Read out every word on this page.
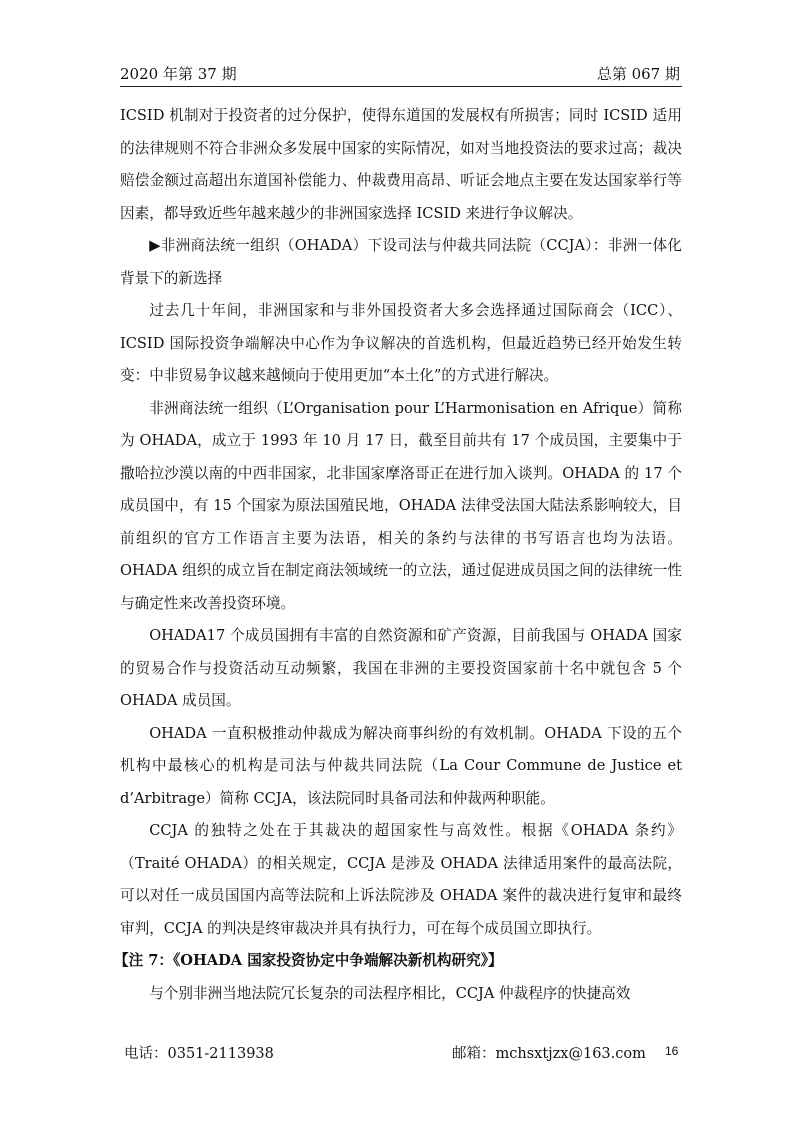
2020 年第 37 期	总第 067 期

ICSID 机制对于投资者的过分保护，使得东道国的发展权有所损害；同时 ICSID 适用的法律规则不符合非洲众多发展中国家的实际情况，如对当地投资法的要求过高；裁决赔偿金额过高超出东道国补偿能力、仲裁费用高昂、听证会地点主要在发达国家举行等因素，都导致近些年越来越少的非洲国家选择 ICSID 来进行争议解决。

▶非洲商法统一组织（OHADA）下设司法与仲裁共同法院（CCJA）：非洲一体化背景下的新选择

过去几十年间，非洲国家和与非外国投资者大多会选择通过国际商会（ICC）、ICSID 国际投资争端解决中心作为争议解决的首选机构，但最近趋势已经开始发生转变：中非贸易争议越来越倾向于使用更加“本土化”的方式进行解决。

非洲商法统一组织（L’Organisation pour L’Harmonisation en Afrique）简称为 OHADA，成立于 1993 年 10 月 17 日，截至目前共有 17 个成员国，主要集中于撒哈拉沙漠以南的中西非国家，北非国家摩洛哥正在进行加入谈判。OHADA 的 17 个成员国中，有 15 个国家为原法国殖民地，OHADA 法律受法国大陆法系影响较大，目前组织的官方工作语言主要为法语，相关的条约与法律的书写语言也均为法语。OHADA 组织的成立旨在制定商法领域统一的立法，通过促进成员国之间的法律统一性与确定性来改善投资环境。

OHADA17 个成员国拥有丰富的自然资源和矿产资源，目前我国与 OHADA 国家的贸易合作与投资活动互动频繁，我国在非洲的主要投资国家前十名中就包含 5 个 OHADA 成员国。

OHADA 一直积极推动仲裁成为解决商事纠纷的有效机制。OHADA 下设的五个机构中最核心的机构是司法与仲裁共同法院（La Cour Commune de Justice et d’Arbitrage）简称 CCJA，该法院同时具备司法和仲裁两种职能。

CCJA 的独特之处在于其裁决的超国家性与高效性。根据《OHADA 条约》（Traité OHADA）的相关规定，CCJA 是涉及 OHADA 法律适用案件的最高法院，可以对任一成员国国内高等法院和上诉法院涉及 OHADA 案件的裁决进行复审和最终审判，CCJA 的判决是终审裁决并具有执行力，可在每个成员国立即执行。

【注 7：《OHADA 国家投资协定中争端解决新机构研究》】

与个别非洲当地法院冗长复杂的司法程序相比，CCJA 仲裁程序的快捷高效

电话：0351-2113938	邮箱：mchsxtjzx@163.com 16
